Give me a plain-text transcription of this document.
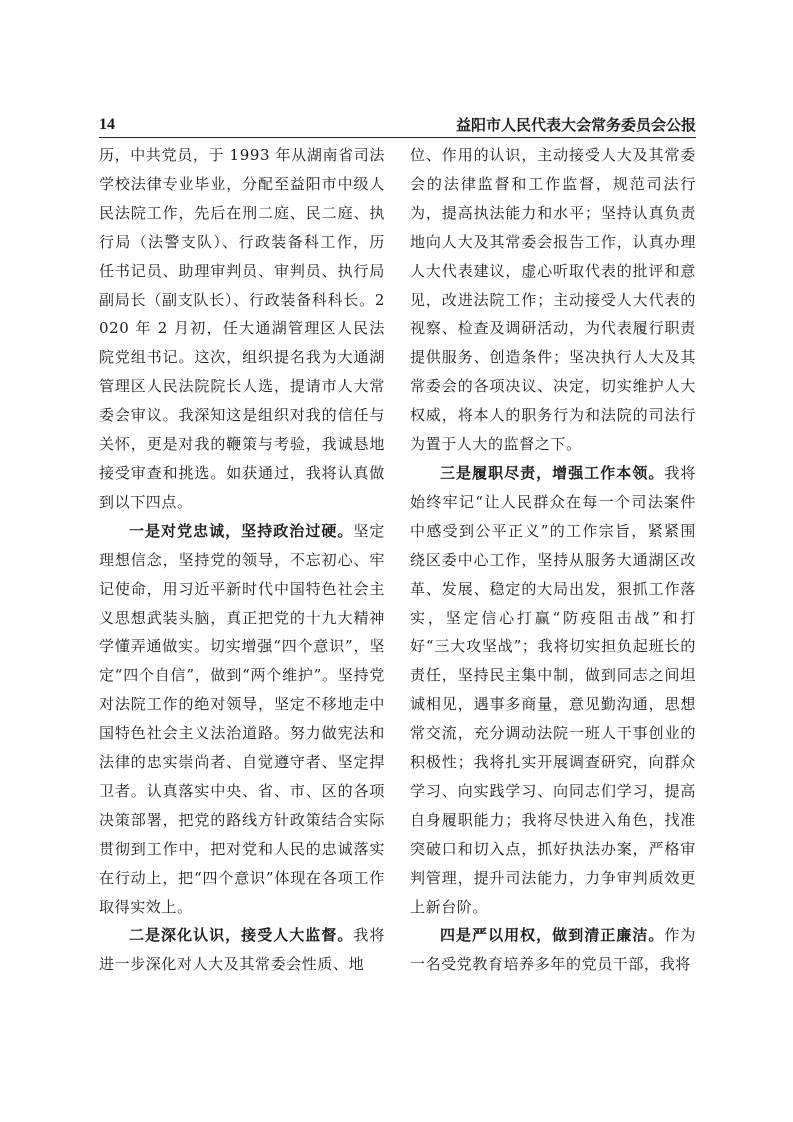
14	益阳市人民代表大会常务委员会公报

历，中共党员，于 1993 年从湖南省司法学校法律专业毕业，分配至益阳市中级人民法院工作，先后在刑二庭、民二庭、执行局（法警支队）、行政装备科工作，历任书记员、助理审判员、审判员、执行局副局长（副支队长）、行政装备科科长。2020 年 2 月初，任大通湖管理区人民法院党组书记。这次，组织提名我为大通湖管理区人民法院院长人选，提请市人大常委会审议。我深知这是组织对我的信任与关怀，更是对我的鞭策与考验，我诚恳地接受审查和挑选。如获通过，我将认真做到以下四点。

一是对党忠诚，坚持政治过硬。坚定理想信念，坚持党的领导，不忘初心、牢记使命，用习近平新时代中国特色社会主义思想武装头脑，真正把党的十九大精神学懂弄通做实。切实增强“四个意识”，坚定“四个自信”，做到“两个维护”。坚持党对法院工作的绝对领导，坚定不移地走中国特色社会主义法治道路。努力做宪法和法律的忠实崇尚者、自觉遵守者、坚定捍卫者。认真落实中央、省、市、区的各项决策部署，把党的路线方针政策结合实际贯彻到工作中，把对党和人民的忠诚落实在行动上，把“四个意识”体现在各项工作取得实效上。

二是深化认识，接受人大监督。我将进一步深化对人大及其常委会性质、地

位、作用的认识，主动接受人大及其常委会的法律监督和工作监督，规范司法行为，提高执法能力和水平；坚持认真负责地向人大及其常委会报告工作，认真办理人大代表建议，虚心听取代表的批评和意见，改进法院工作；主动接受人大代表的视察、检查及调研活动，为代表履行职责提供服务、创造条件；坚决执行人大及其常委会的各项决议、决定，切实维护人大权威，将本人的职务行为和法院的司法行为置于人大的监督之下。

三是履职尽责，增强工作本领。我将始终牢记“让人民群众在每一个司法案件中感受到公平正义”的工作宗旨，紧紧围绕区委中心工作，坚持从服务大通湖区改革、发展、稳定的大局出发，狠抓工作落实，坚定信心打赢“防疫阻击战”和打好“三大攻坚战”；我将切实担负起班长的责任，坚持民主集中制，做到同志之间坦诚相见，遇事多商量，意见勤沟通，思想常交流，充分调动法院一班人干事创业的积极性；我将扎实开展调查研究，向群众学习、向实践学习、向同志们学习，提高自身履职能力；我将尽快进入角色，找准突破口和切入点，抓好执法办案，严格审判管理，提升司法能力，力争审判质效更上新台阶。

四是严以用权，做到清正廉洁。作为一名受党教育培养多年的党员干部，我将
